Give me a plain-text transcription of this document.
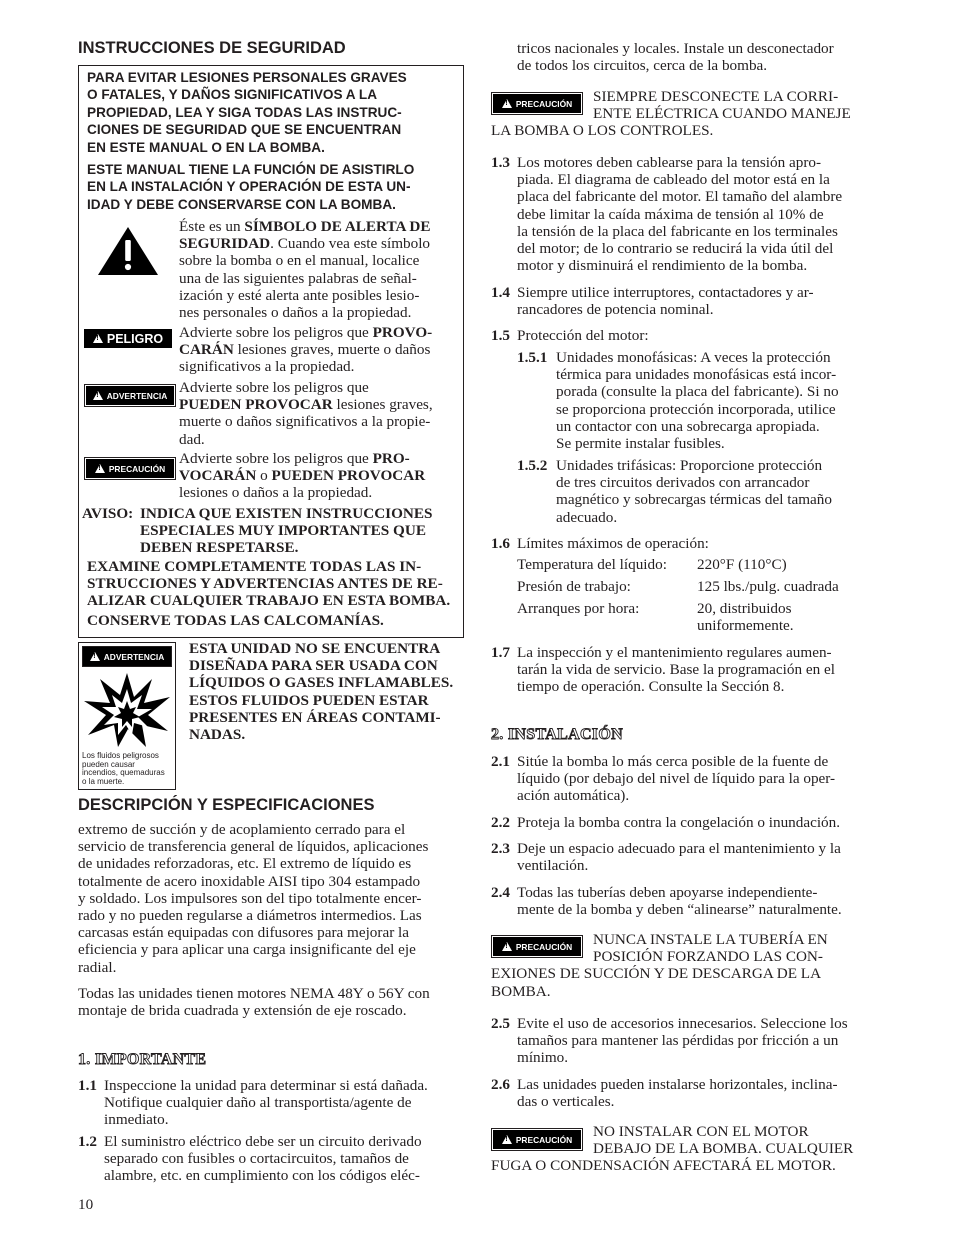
INSTRUCCIONES DE SEGURIDAD
PARA EVITAR LESIONES PERSONALES GRAVES
O FATALES, Y DAÑOS SIGNIFICATIVOS A LA
PROPIEDAD, LEA Y SIGA TODAS LAS INSTRUC-
CIONES DE SEGURIDAD QUE SE ENCUENTRAN
EN ESTE MANUAL O EN LA BOMBA.
ESTE MANUAL TIENE LA FUNCIÓN DE ASISTIRLO
EN LA INSTALACIÓN Y OPERACIÓN DE ESTA UN-
IDAD Y DEBE CONSERVARSE CON LA BOMBA.
Éste es un SÍMBOLO DE ALERTA DE
SEGURIDAD. Cuando vea este símbolo
sobre la bomba o en el manual, localice
una de las siguientes palabras de señal-
ización y esté alerta ante posibles lesio-
nes personales o daños a la propiedad.
!
PELIGRO Advierte sobre los peligros que PROVO-
CARÁN lesiones graves, muerte o daños
significativos a la propiedad.
!
ADVERTENCIA Advierte sobre los peligros que
PUEDEN PROVOCAR lesiones graves,
muerte o daños significativos a la propie-
dad.
!
PRECAUCIÓN
Advierte sobre los peligros que PRO-
VOCARÁN o PUEDEN PROVOCAR
lesiones o daños a la propiedad.
AVISO: INDICA QUE EXISTEN INSTRUCCIONES
ESPECIALES MUY IMPORTANTES QUE
DEBEN RESPETARSE.
EXAMINE COMPLETAMENTE TODAS LAS IN-
STRUCCIONES Y ADVERTENCIAS ANTES DE RE-
ALIZAR CUALQUIER TRABAJO EN ESTA BOMBA.
CONSERVE TODAS LAS CALCOMANÍAS.
!
ADVERTENCIA
Los fluidos peligrosos
pueden causar
incendios, quemaduras
o la muerte.
ESTA UNIDAD NO SE ENCUENTRA
DISEÑADA PARA SER USADA CON
LÍQUIDOS O GASES INFLAMABLES.
ESTOS FLUIDOS PUEDEN ESTAR
PRESENTES EN ÁREAS CONTAMI-
NADAS.
DESCRIPCIÓN Y ESPECIFICACIONES
extremo de succión y de acoplamiento cerrado para el
servicio de transferencia general de líquidos, aplicaciones
de unidades reforzadoras, etc. El extremo de líquido es
totalmente de acero inoxidable AISI tipo 304 estampado
y soldado. Los impulsores son del tipo totalmente encer-
rado y no pueden regularse a diámetros intermedios. Las
carcasas están equipadas con difusores para mejorar la
eficiencia y para aplicar una carga insignificante del eje
radial.
Todas las unidades tienen motores NEMA 48Y o 56Y con
montaje de brida cuadrada y extensión de eje roscado.
1. IMPORTANTE
1.1 Inspeccione la unidad para determinar si está dañada.
Notifique cualquier daño al transportista/agente de
inmediato.
1.2 El suministro eléctrico debe ser un circuito derivado
separado con fusibles o cortacircuitos, tamaños de
alambre, etc. en cumplimiento con los códigos eléc-
10
tricos nacionales y locales. Instale un desconectador
de todos los circuitos, cerca de la bomba.
!
PRECAUCIÓN SIEMPRE DESCONECTE LA CORRI-
ENTE ELÉCTRICA CUANDO MANEJE
LA BOMBA O LOS CONTROLES.
1.3 Los motores deben cablearse para la tensión apro-
piada. El diagrama de cableado del motor está en la
placa del fabricante del motor. El tamaño del alambre
debe limitar la caída máxima de tensión al 10% de
la tensión de la placa del fabricante en los terminales
del motor; de lo contrario se reducirá la vida útil del
motor y disminuirá el rendimiento de la bomba.
1.4 Siempre utilice interruptores, contactadores y ar-
rancadores de potencia nominal.
1.5 Protección del motor:
1.5.1 Unidades monofásicas: A veces la protección
térmica para unidades monofásicas está incor-
porada (consulte la placa del fabricante). Si no
se proporciona protección incorporada, utilice
un contactor con una sobrecarga apropiada.
Se permite instalar fusibles.
1.5.2 Unidades trifásicas: Proporcione protección
de tres circuitos derivados con arrancador
magnético y sobrecargas térmicas del tamaño
adecuado.
1.6 Límites máximos de operación:
Temperatura del líquido: 220°F (110°C)
Presión de trabajo:	125 lbs./pulg. cuadrada
Arranques por hora:	20, distribuidos
uniformemente.
1.7 La inspección y el mantenimiento regulares aumen-
tarán la vida de servicio. Base la programación en el
tiempo de operación. Consulte la Sección 8.
2. INSTALACIÓN
2.1 Sitúe la bomba lo más cerca posible de la fuente de
líquido (por debajo del nivel de líquido para la oper-
ación automática).
2.2 Proteja la bomba contra la congelación o inundación.
2.3 Deje un espacio adecuado para el mantenimiento y la
ventilación.
2.4 Todas las tuberías deben apoyarse independiente-
mente de la bomba y deben “alinearse” naturalmente.
!
PRECAUCIÓN NUNCA INSTALE LA TUBERÍA EN
POSICIÓN FORZANDO LAS CON-
EXIONES DE SUCCIÓN Y DE DESCARGA DE LA
BOMBA.
2.5 Evite el uso de accesorios innecesarios. Seleccione los
tamaños para mantener las pérdidas por fricción a un
mínimo.
2.6 Las unidades pueden instalarse horizontales, inclina-
das o verticales.
!
PRECAUCIÓN NO INSTALAR CON EL MOTOR
DEBAJO DE LA BOMBA. CUALQUIER
FUGA O CONDENSACIÓN AFECTARÁ EL MOTOR.
